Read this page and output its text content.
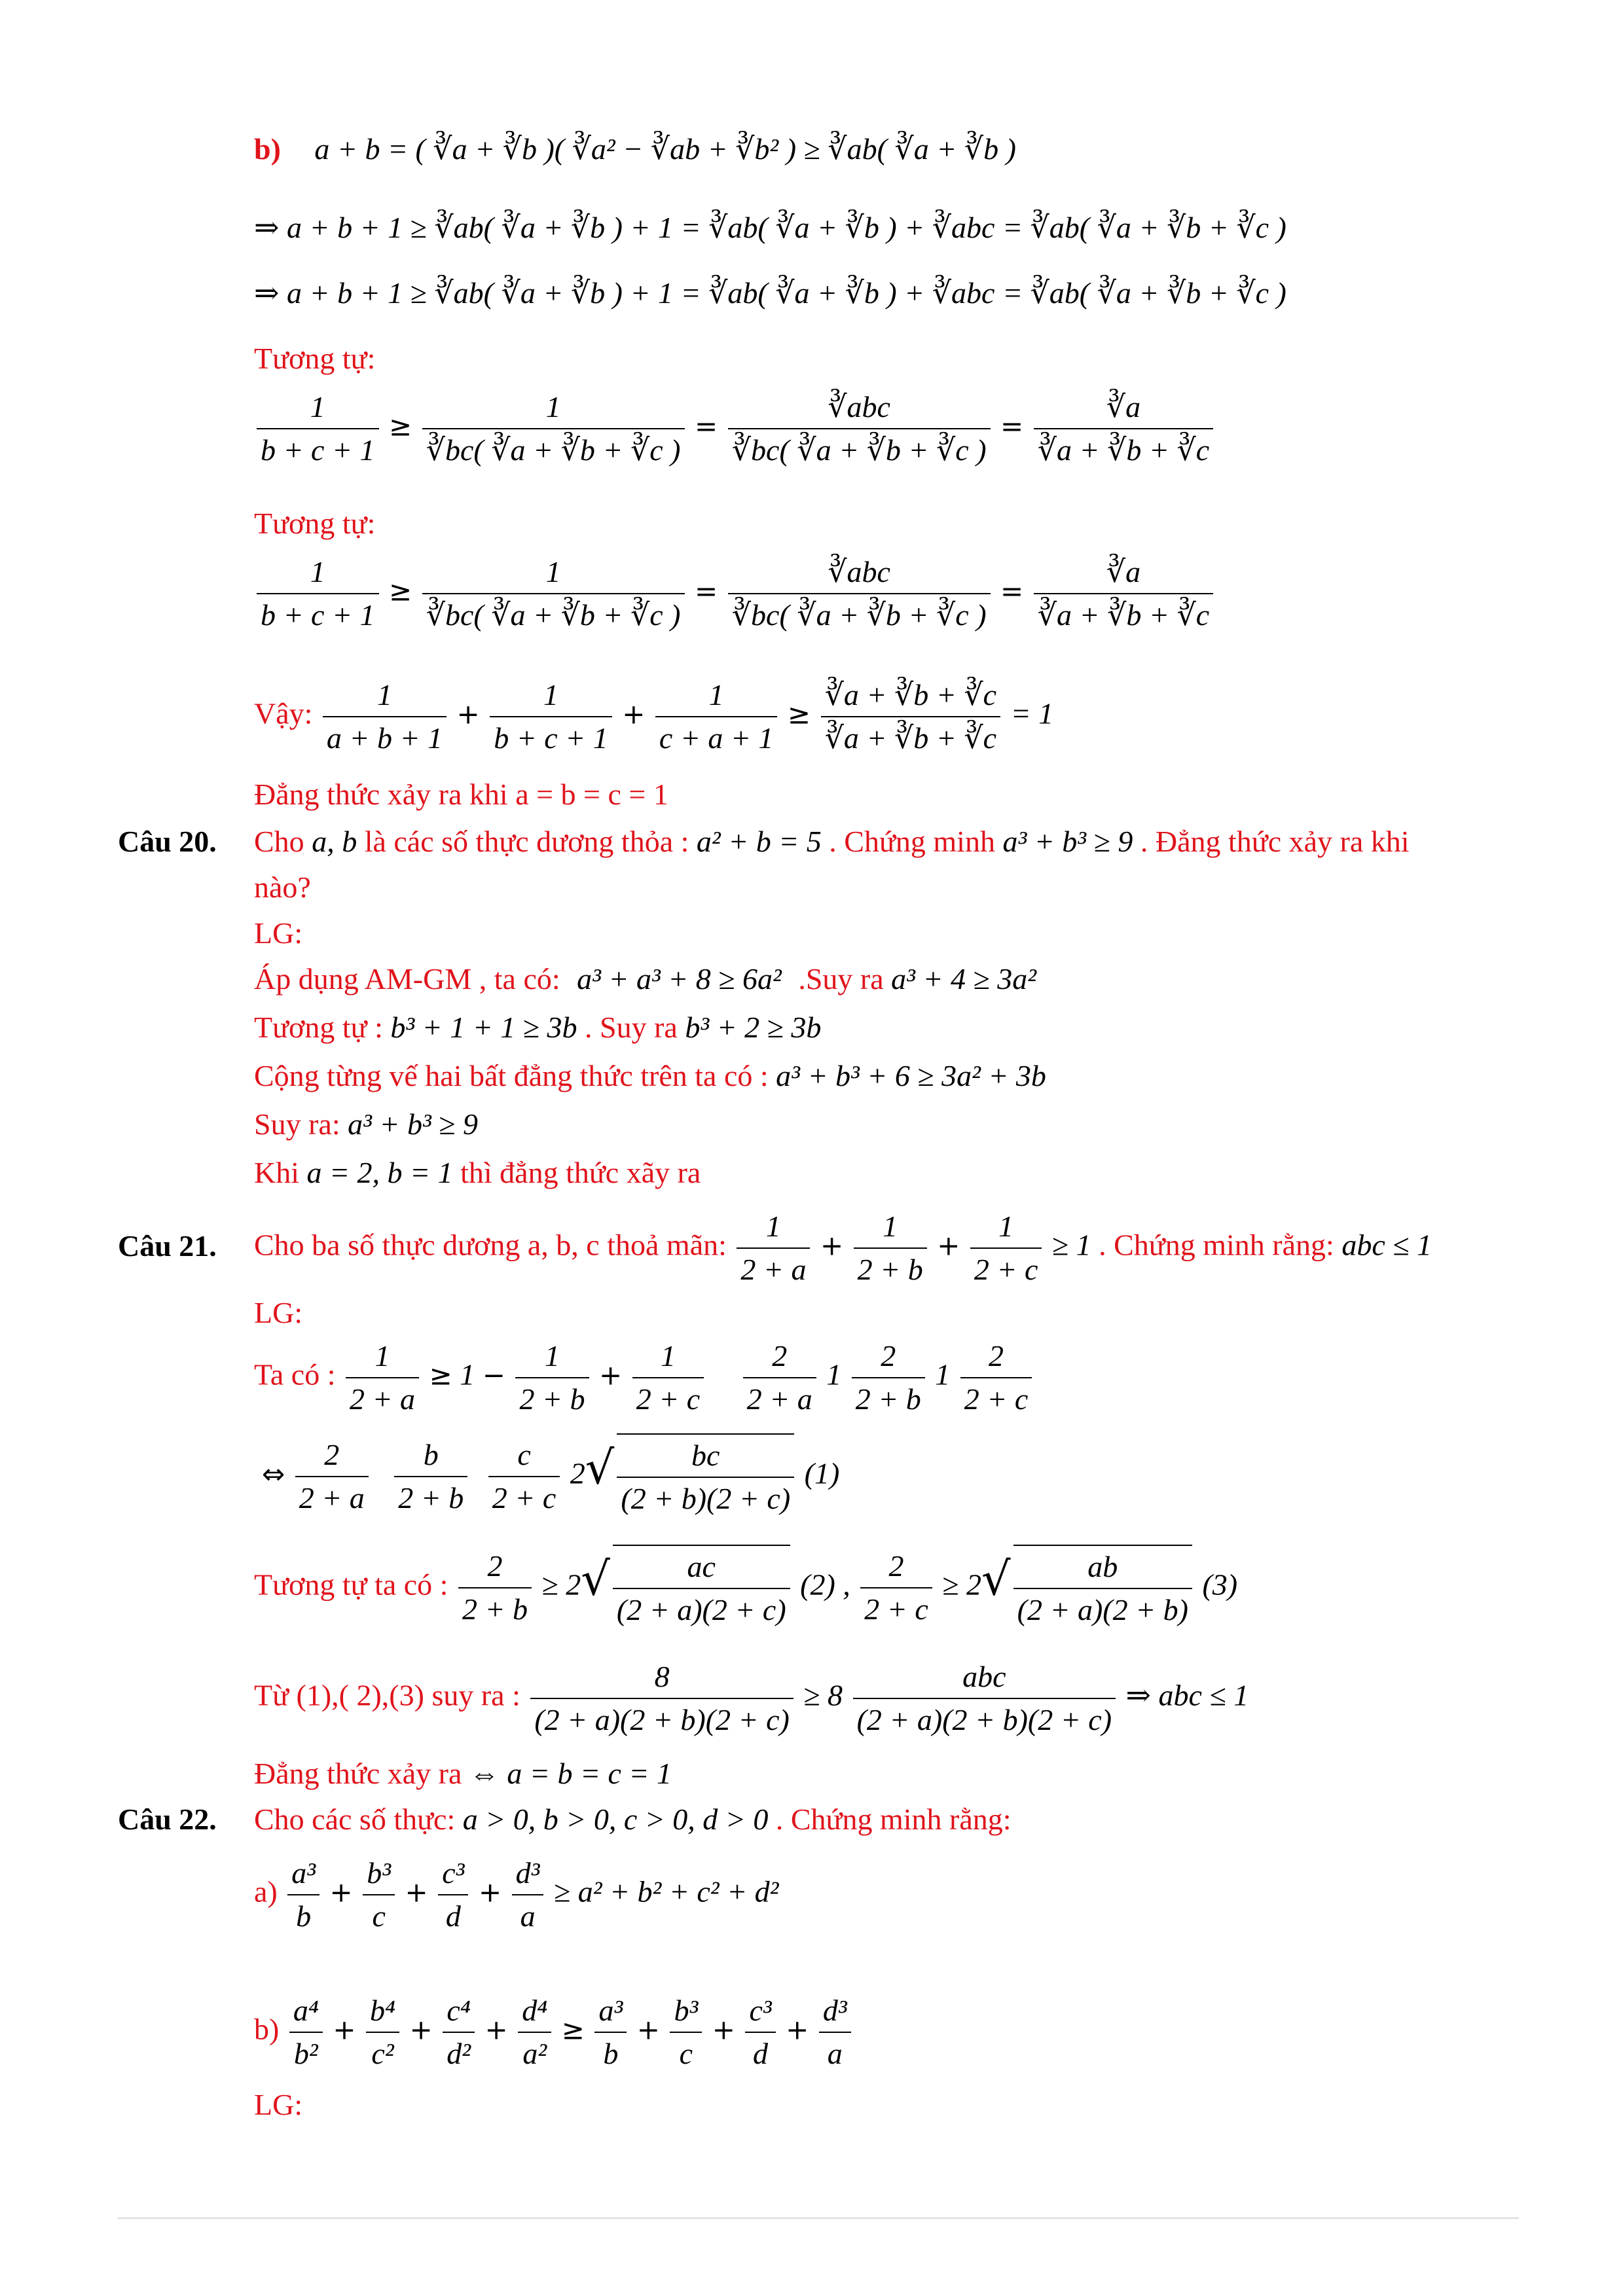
b) a + b = ( ∛a + ∛b )( ∛a² − ∛ab + ∛b² ) ≥ ∛ab( ∛a + ∛b )
⇒ a + b + 1 ≥ ∛ab( ∛a + ∛b ) + 1 = ∛ab( ∛a + ∛b ) + ∛abc = ∛ab( ∛a + ∛b + ∛c )
⇒ a + b + 1 ≥ ∛ab( ∛a + ∛b ) + 1 = ∛ab( ∛a + ∛b ) + ∛abc = ∛ab( ∛a + ∛b + ∛c )
Tương tự:
$\frac{1}{b + c + 1} \ge \frac{1}{∛bc( ∛a + ∛b + ∛c )} = \frac{\text{∛abc}}{∛bc( ∛a + ∛b + ∛c )} = \frac{∛a}{∛a + ∛b + ∛c}$
Tương tự:
$\frac{1}{b + c + 1} \ge \frac{1}{∛bc( ∛a + ∛b + ∛c )} = \frac{\text{∛abc}}{∛bc( ∛a + ∛b + ∛c )} = \frac{∛a}{∛a + ∛b + ∛c}$
Vậy: $\frac{1}{a + b + 1} + \frac{1}{b + c + 1} + \frac{1}{c + a + 1} \ge \frac{∛a + ∛b + ∛c}{∛a + ∛b + ∛c} = 1$
Đẳng thức xảy ra khi a = b = c = 1
Câu 20. Cho a, b là các số thực dương thỏa : a² + b = 5 . Chứng minh a³ + b³ ≥ 9 . Đẳng thức xảy ra khi
nào?
LG:
Áp dụng AM-GM , ta có: a³ + a³ + 8 ≥ 6a² .Suy ra a³ + 4 ≥ 3a²
Tương tự : b³ + 1 + 1 ≥ 3b . Suy ra b³ + 2 ≥ 3b
Cộng từng vế hai bất đẳng thức trên ta có : a³ + b³ + 6 ≥ 3a² + 3b
Suy ra: a³ + b³ ≥ 9
Khi a = 2, b = 1 thì đẳng thức xãy ra
Câu 21. Cho ba số thực dương a, b, c thoả mãn: $\frac{1}{2 + a} + \frac{1}{2 + b} + \frac{1}{2 + c} \ge 1$ . Chứng minh rằng: abc ≤ 1
LG:
Ta có : $\frac{1}{2 + a} \ge 1 - \frac{1}{2 + b} + \frac{1}{2 + c}$
$\frac{2}{2 + a} 1 \frac{2}{2 + b} 1 \frac{2}{2 + c}$
⇔ $\frac{2}{2 + a}$
$\frac{b}{2 + b}$
$\frac{c}{2 + c} 2√ \frac{bc}{(2 + b)(2 + c)} (1)$
Tương tự ta có : $\frac{2}{2 + b} \ge 2√ \frac{ac}{(2 + a)(2 + c)} (2)$ , $\frac{2}{2 + c} \ge 2√ \frac{ab}{(2 + a)(2 + b)} (3)$
Từ (1),( 2),(3) suy ra : $\frac{8}{(2 + a)(2 + b)(2 + c)} \ge 8 \frac{\text{abc}}{(2 + a)(2 + b)(2 + c)}$ ⇒ abc ≤ 1
Đẳng thức xảy ra ⇔ a = b = c = 1
Câu 22. Cho các số thực: a > 0, b > 0, c > 0, d > 0 . Chứng minh rằng:
$a) \frac{\text{a³}}{b} + \frac{\text{b³}}{c} + \frac{\text{c³}}{d} + \frac{\text{d³}}{a} \ge a^2 + b^2 + c^2 + d^2$
$b) \frac{\text{a⁴}}{\text{b²}} + \frac{\text{b⁴}}{\text{c²}} + \frac{\text{c⁴}}{\text{d²}} + \frac{\text{d⁴}}{\text{a²}} \ge \frac{\text{a³}}{b} + \frac{\text{b³}}{c} + \frac{\text{c³}}{d} + \frac{\text{d³}}{a}$
LG:
